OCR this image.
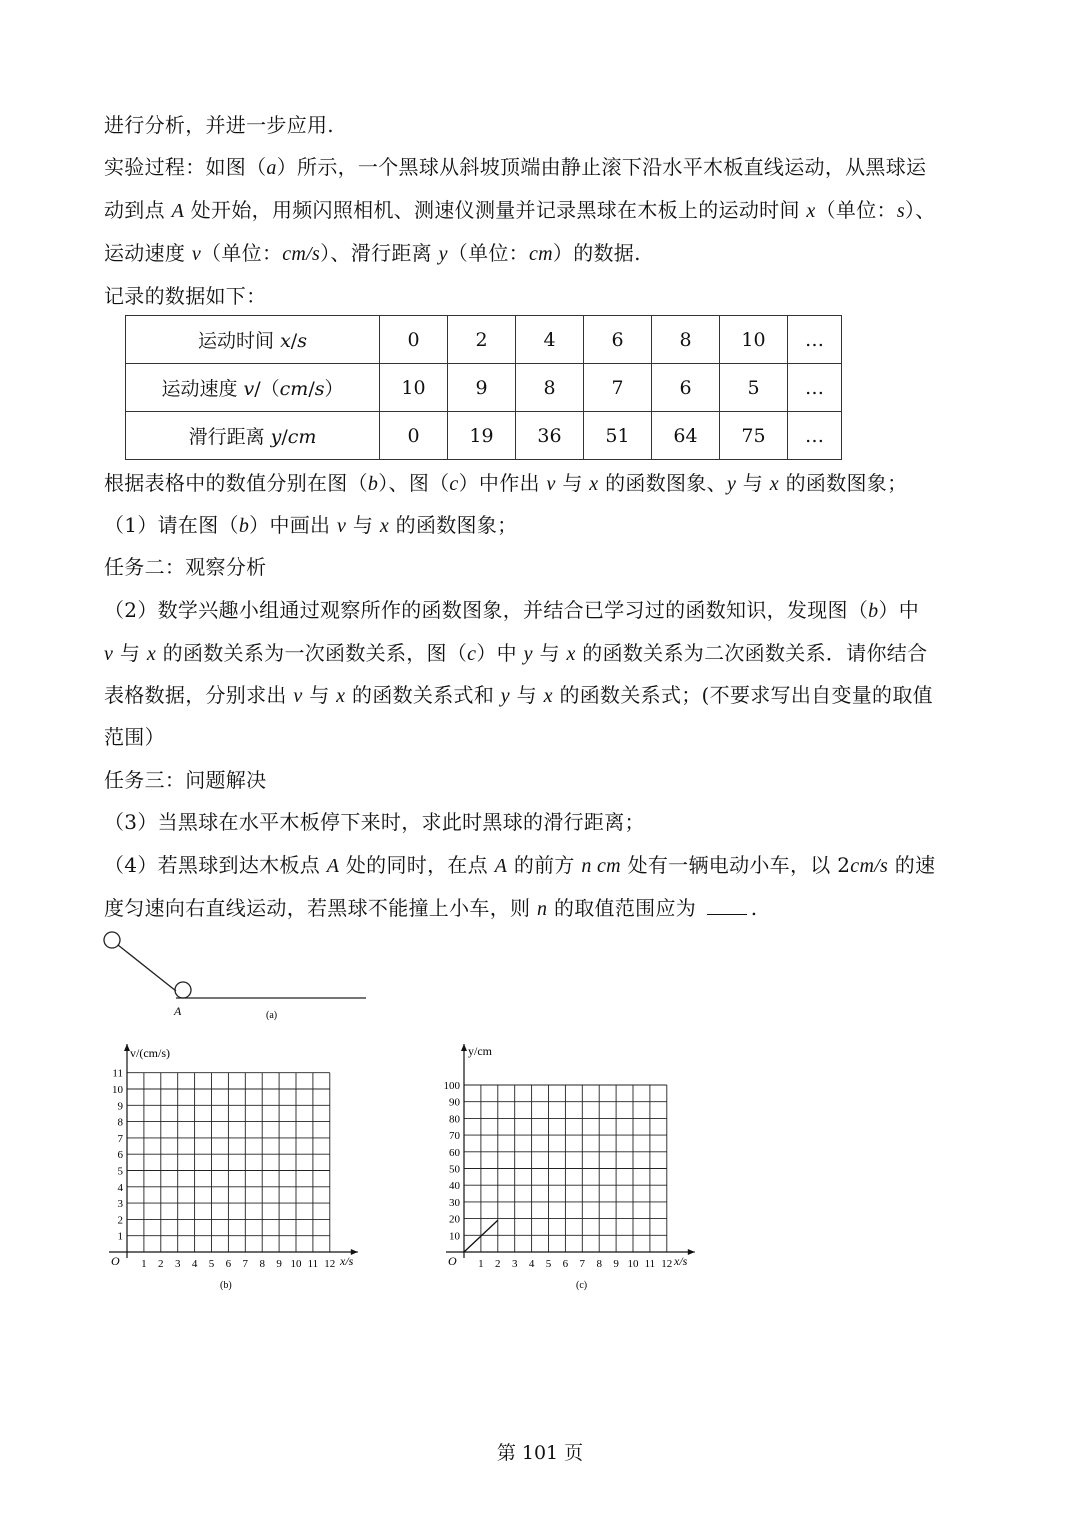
进行分析，并进一步应用.
实验过程：如图（a）所示，一个黑球从斜坡顶端由静止滚下沿水平木板直线运动，从黑球运
动到点 A 处开始，用频闪照相机、测速仪测量并记录黑球在木板上的运动时间 x（单位：s）、
运动速度 v（单位：cm/s）、滑行距离 y（单位：cm）的数据.
记录的数据如下：
运动时间 x/s	0	2	4	6	8	10	…
运动速度 v/（cm/s）	10	9	8	7	6	5	…
滑行距离 y/cm	0	19	36	51	64	75	…
根据表格中的数值分别在图（b）、图（c）中作出 v 与 x 的函数图象、y 与 x 的函数图象；
（1）请在图（b）中画出 v 与 x 的函数图象；
任务二：观察分析
（2）数学兴趣小组通过观察所作的函数图象，并结合已学习过的函数知识，发现图（b）中
v 与 x 的函数关系为一次函数关系，图（c）中 y 与 x 的函数关系为二次函数关系．请你结合
表格数据，分别求出 v 与 x 的函数关系式和 y 与 x 的函数关系式；(不要求写出自变量的取值
范围）
任务三：问题解决
（3）当黑球在水平木板停下来时，求此时黑球的滑行距离；
（4）若黑球到达木板点 A 处的同时，在点 A 的前方 n cm 处有一辆电动小车，以 2cm/s 的速
度匀速向右直线运动，若黑球不能撞上小车，则 n 的取值范围应为 .
A	(a)
v/(cm/s)
x/s
O
(b)
1 2 3 4 5 6 7 8 9 10 11 12
1
2
3
4
5
6
7
8
9
10
11
y/cm
x/s
O
(c)
1 2 3 4 5 6 7 8 9 10 11 12
10
20
30
40
50
60
70
80
90
100
第 101 页
